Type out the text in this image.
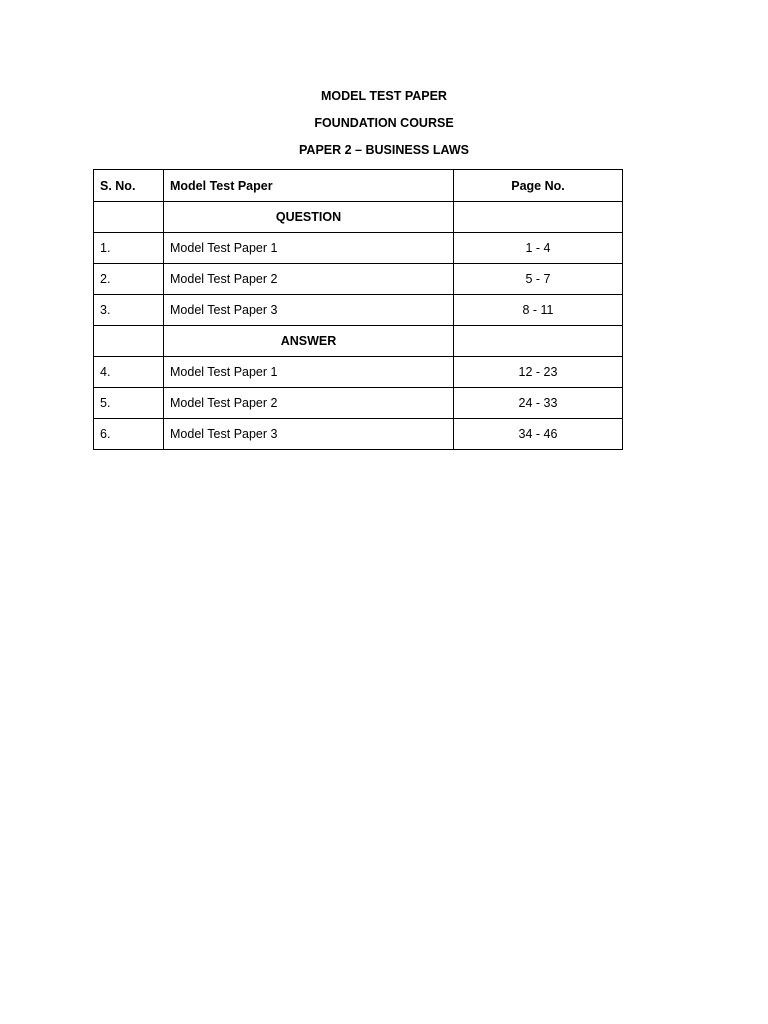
MODEL TEST PAPER
FOUNDATION COURSE
PAPER 2 – BUSINESS LAWS
S. No.	Model Test Paper	Page No.
	QUESTION	
1.	Model Test Paper 1	1 - 4
2.	Model Test Paper 2	5 - 7
3.	Model Test Paper 3	8 - 11
	ANSWER	
4.	Model Test Paper 1	12 - 23
5.	Model Test Paper 2	24 - 33
6.	Model Test Paper 3	34 - 46
